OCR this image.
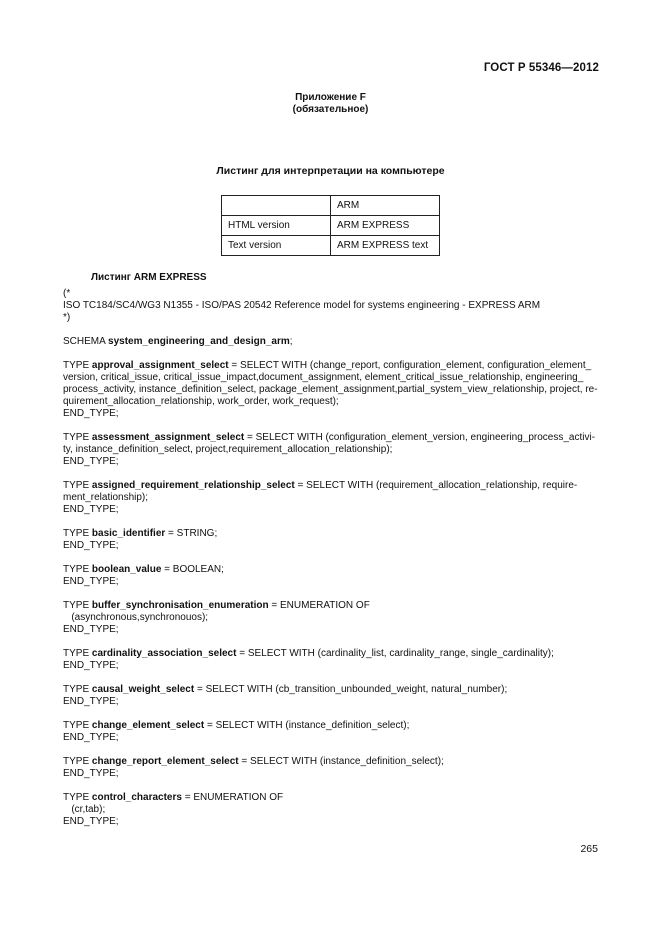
ГОСТ Р 55346—2012
Приложение F
(обязательное)
Листинг для интерпретации на компьютере
	ARM
HTML version	ARM EXPRESS
Text version	ARM EXPRESS text
Листинг ARM EXPRESS
(*
ISO TC184/SC4/WG3 N1355 - ISO/PAS 20542 Reference model for systems engineering - EXPRESS ARM
*)
SCHEMA system_engineering_and_design_arm;
TYPE approval_assignment_select = SELECT WITH (change_report, configuration_element, configuration_element_
version, critical_issue, critical_issue_impact,document_assignment, element_critical_issue_relationship, engineering_
process_activity, instance_definition_select, package_element_assignment,partial_system_view_relationship, project, re-
quirement_allocation_relationship, work_order, work_request);
END_TYPE;
TYPE assessment_assignment_select = SELECT WITH (configuration_element_version, engineering_process_activi-
ty, instance_definition_select, project,requirement_allocation_relationship);
END_TYPE;
TYPE assigned_requirement_relationship_select = SELECT WITH (requirement_allocation_relationship, require-
ment_relationship);
END_TYPE;
TYPE basic_identifier = STRING;
END_TYPE;
TYPE boolean_value = BOOLEAN;
END_TYPE;
TYPE buffer_synchronisation_enumeration = ENUMERATION OF
(asynchronous,synchronouos);
END_TYPE;
TYPE cardinality_association_select = SELECT WITH (cardinality_list, cardinality_range, single_cardinality);
END_TYPE;
TYPE causal_weight_select = SELECT WITH (cb_transition_unbounded_weight, natural_number);
END_TYPE;
TYPE change_element_select = SELECT WITH (instance_definition_select);
END_TYPE;
TYPE change_report_element_select = SELECT WITH (instance_definition_select);
END_TYPE;
TYPE control_characters = ENUMERATION OF
(cr,tab);
END_TYPE;
265
